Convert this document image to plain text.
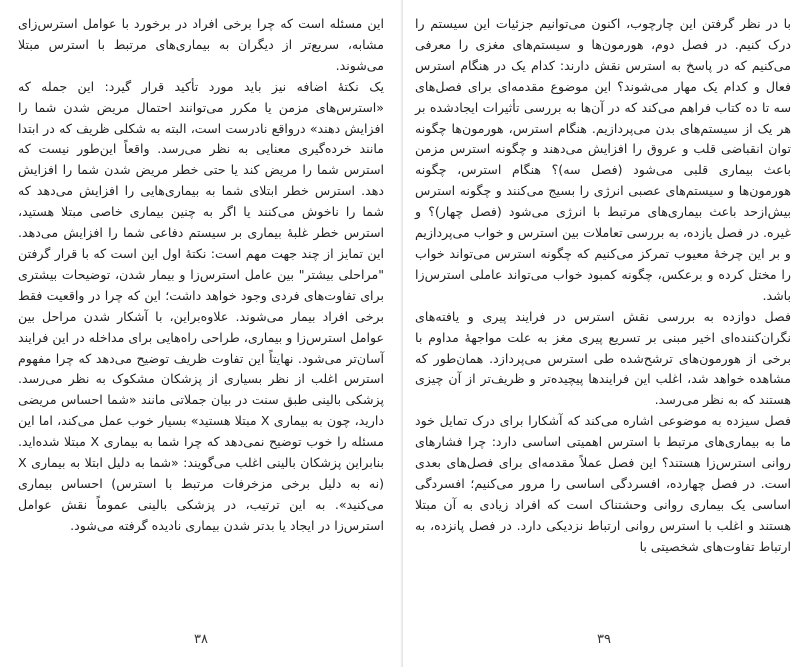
این مسئله است که چرا برخی افراد در برخورد با عوامل استرس‌زای مشابه، سریع‌تر از دیگران به بیماری‌های مرتبط با استرس مبتلا می‌شوند.

یک نکتهٔ اضافه نیز باید مورد تأکید قرار گیرد: این جمله که «استرس‌های مزمن یا مکرر می‌توانند احتمال مریض شدن شما را افزایش دهند» درواقع نادرست است، البته به شکلی ظریف که در ابتدا مانند خرده‌گیری معنایی به نظر می‌رسد. واقعاً این‌طور نیست که استرس شما را مریض کند یا حتی خطر مریض شدن شما را افزایش دهد. استرس خطر ابتلای شما به بیماری‌هایی را افزایش می‌دهد که شما را ناخوش می‌کنند یا اگر به چنین بیماری خاصی مبتلا هستید، استرس خطر غلبهٔ بیماری بر سیستم دفاعی شما را افزایش می‌دهد. این تمایز از چند جهت مهم است: نکتهٔ اول این است که با قرار گرفتن "مراحلی بیشتر" بین عامل استرس‌زا و بیمار شدن، توضیحات بیشتری برای تفاوت‌های فردی وجود خواهد داشت؛ این که چرا در واقعیت فقط برخی افراد بیمار می‌شوند. علاوه‌براین، با آشکار شدن مراحل بین عوامل استرس‌زا و بیماری، طراحی راه‌هایی برای مداخله در این فرایند آسان‌تر می‌شود. نهایتاً این تفاوت ظریف توضیح می‌دهد که چرا مفهوم استرس اغلب از نظر بسیاری از پزشکان مشکوک به نظر می‌رسد. پزشکی بالینی طبق سنت در بیان جملاتی مانند «شما احساس مریضی دارید، چون به بیماری X مبتلا هستید» بسیار خوب عمل می‌کند، اما این مسئله را خوب توضیح نمی‌دهد که چرا شما به بیماری X مبتلا شده‌اید. بنابراین پزشکان بالینی اغلب می‌گویند: «شما به دلیل ابتلا به بیماری X (نه به دلیل برخی مزخرفات مرتبط با استرس) احساس بیماری می‌کنید». به این ترتیب، در پزشکی بالینی عموماً نقش عوامل استرس‌زا در ایجاد یا بدتر شدن بیماری نادیده گرفته می‌شود.

۳۸

با در نظر گرفتن این چارچوب، اکنون می‌توانیم جزئیات این سیستم را درک کنیم. در فصل دوم، هورمون‌ها و سیستم‌های مغزی را معرفی می‌کنیم که در پاسخ به استرس نقش دارند: کدام یک در هنگام استرس فعال و کدام یک مهار می‌شوند؟ این موضوع مقدمه‌ای برای فصل‌های سه تا ده کتاب فراهم می‌کند که در آن‌ها به بررسی تأثیرات ایجادشده بر هر یک از سیستم‌های بدن می‌پردازیم. هنگام استرس، هورمون‌ها چگونه توان انقباضی قلب و عروق را افزایش می‌دهند و چگونه استرس مزمن باعث بیماری قلبی می‌شود (فصل سه)؟ هنگام استرس، چگونه هورمون‌ها و سیستم‌های عصبی انرژی را بسیج می‌کنند و چگونه استرس بیش‌ازحد باعث بیماری‌های مرتبط با انرژی می‌شود (فصل چهار)؟ و غیره. در فصل یازده، به بررسی تعاملات بین استرس و خواب می‌پردازیم و بر این چرخهٔ معیوب تمرکز می‌کنیم که چگونه استرس می‌تواند خواب را مختل کرده و برعکس، چگونه کمبود خواب می‌تواند عاملی استرس‌زا باشد.

فصل دوازده به بررسی نقش استرس در فرایند پیری و یافته‌های نگران‌کننده‌ای اخیر مبنی بر تسریع پیری مغز به علت مواجههٔ مداوم با برخی از هورمون‌های ترشح‌شده طی استرس می‌پردازد. همان‌طور که مشاهده خواهد شد، اغلب این فرایندها پیچیده‌تر و ظریف‌تر از آن چیزی هستند که به نظر می‌رسد.

فصل سیزده به موضوعی اشاره می‌کند که آشکارا برای درک تمایل خود ما به بیماری‌های مرتبط با استرس اهمیتی اساسی دارد: چرا فشارهای روانی استرس‌زا هستند؟ این فصل عملاً مقدمه‌ای برای فصل‌های بعدی است. در فصل چهارده، افسردگی اساسی را مرور می‌کنیم؛ افسردگی اساسی یک بیماری روانی وحشتناک است که افراد زیادی به آن مبتلا هستند و اغلب با استرس روانی ارتباط نزدیکی دارد. در فصل پانزده، به ارتباط تفاوت‌های شخصیتی با

۳۹
